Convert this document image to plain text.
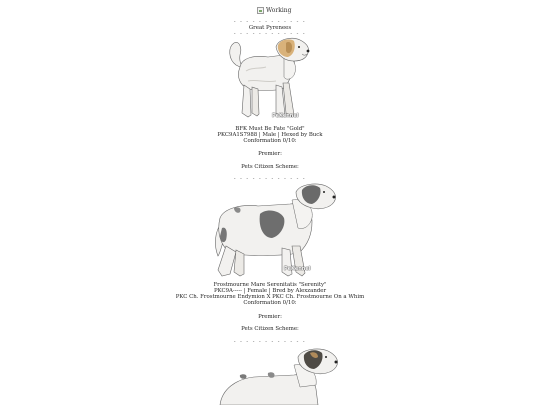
Working
- - - - - - - - - - - -
Great Pyrenees
- - - - - - - - - - - -
PeKennel
BFK Must Be Fate "Gold"
PKC9A1S7988 | Male | Hexed by Buck
Conformation 0/10:
Premier:
Pets Citizen Scheme:
- - - - - - - - - - - -
PeKennel
Frostmourne Mare Serenitatis "Serenity"
PKC9A----- | Female | Bred by Alexzander
PKC Ch. Frostmourne Endymion X PKC Ch. Frostmourne On a Whim
Conformation 0/10:
Premier:
Pets Citizen Scheme:
- - - - - - - - - - - -
